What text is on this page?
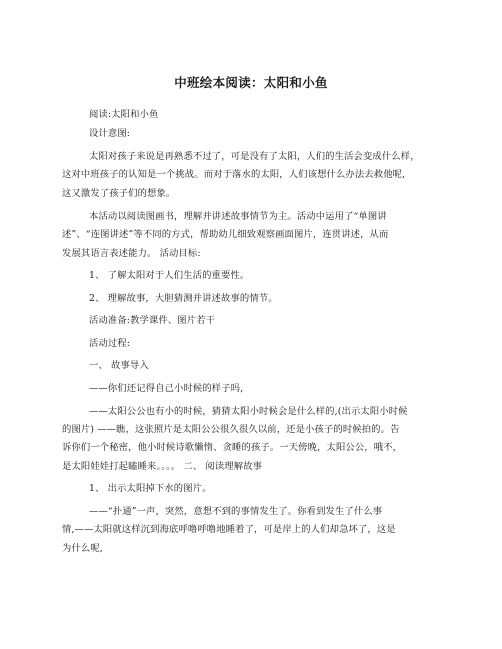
中班绘本阅读：太阳和小鱼
阅读:太阳和小鱼
设计意图:
太阳对孩子来说是再熟悉不过了，可是没有了太阳，人们的生活会变成什么样，
这对中班孩子的认知是一个挑战。而对于落水的太阳，人们该想什么办法去救他呢,
这又激发了孩子们的想象。
本活动以阅读图画书，理解并讲述故事情节为主。活动中运用了“单图讲
述”、“连图讲述”等不同的方式，帮助幼儿细致观察画面图片，连贯讲述，从而
发展其语言表述能力。 活动目标:
1、 了解太阳对于人们生活的重要性。
2、 理解故事，大胆猜测并讲述故事的情节。
活动准备:教学课件、图片若干
活动过程:
一、 故事导入
——你们还记得自己小时候的样子吗,
——太阳公公也有小的时候，猜猜太阳小时候会是什么样的,(出示太阳小时候
的图片) ——瞧，这张照片是太阳公公很久很久以前，还是小孩子的时候拍的。告
诉你们一个秘密，他小时候诗歌懒惰、贪睡的孩子。一天傍晚，太阳公公，哦不，
是太阳娃娃打起瞌睡来。。。。 二、 阅读理解故事
1、 出示太阳掉下水的图片。
——“扑通”一声，突然，意想不到的事情发生了。你看到发生了什么事
情,——太阳就这样沉到海底呼噜呼噜地睡着了，可是岸上的人们却急坏了，这是
为什么呢,
